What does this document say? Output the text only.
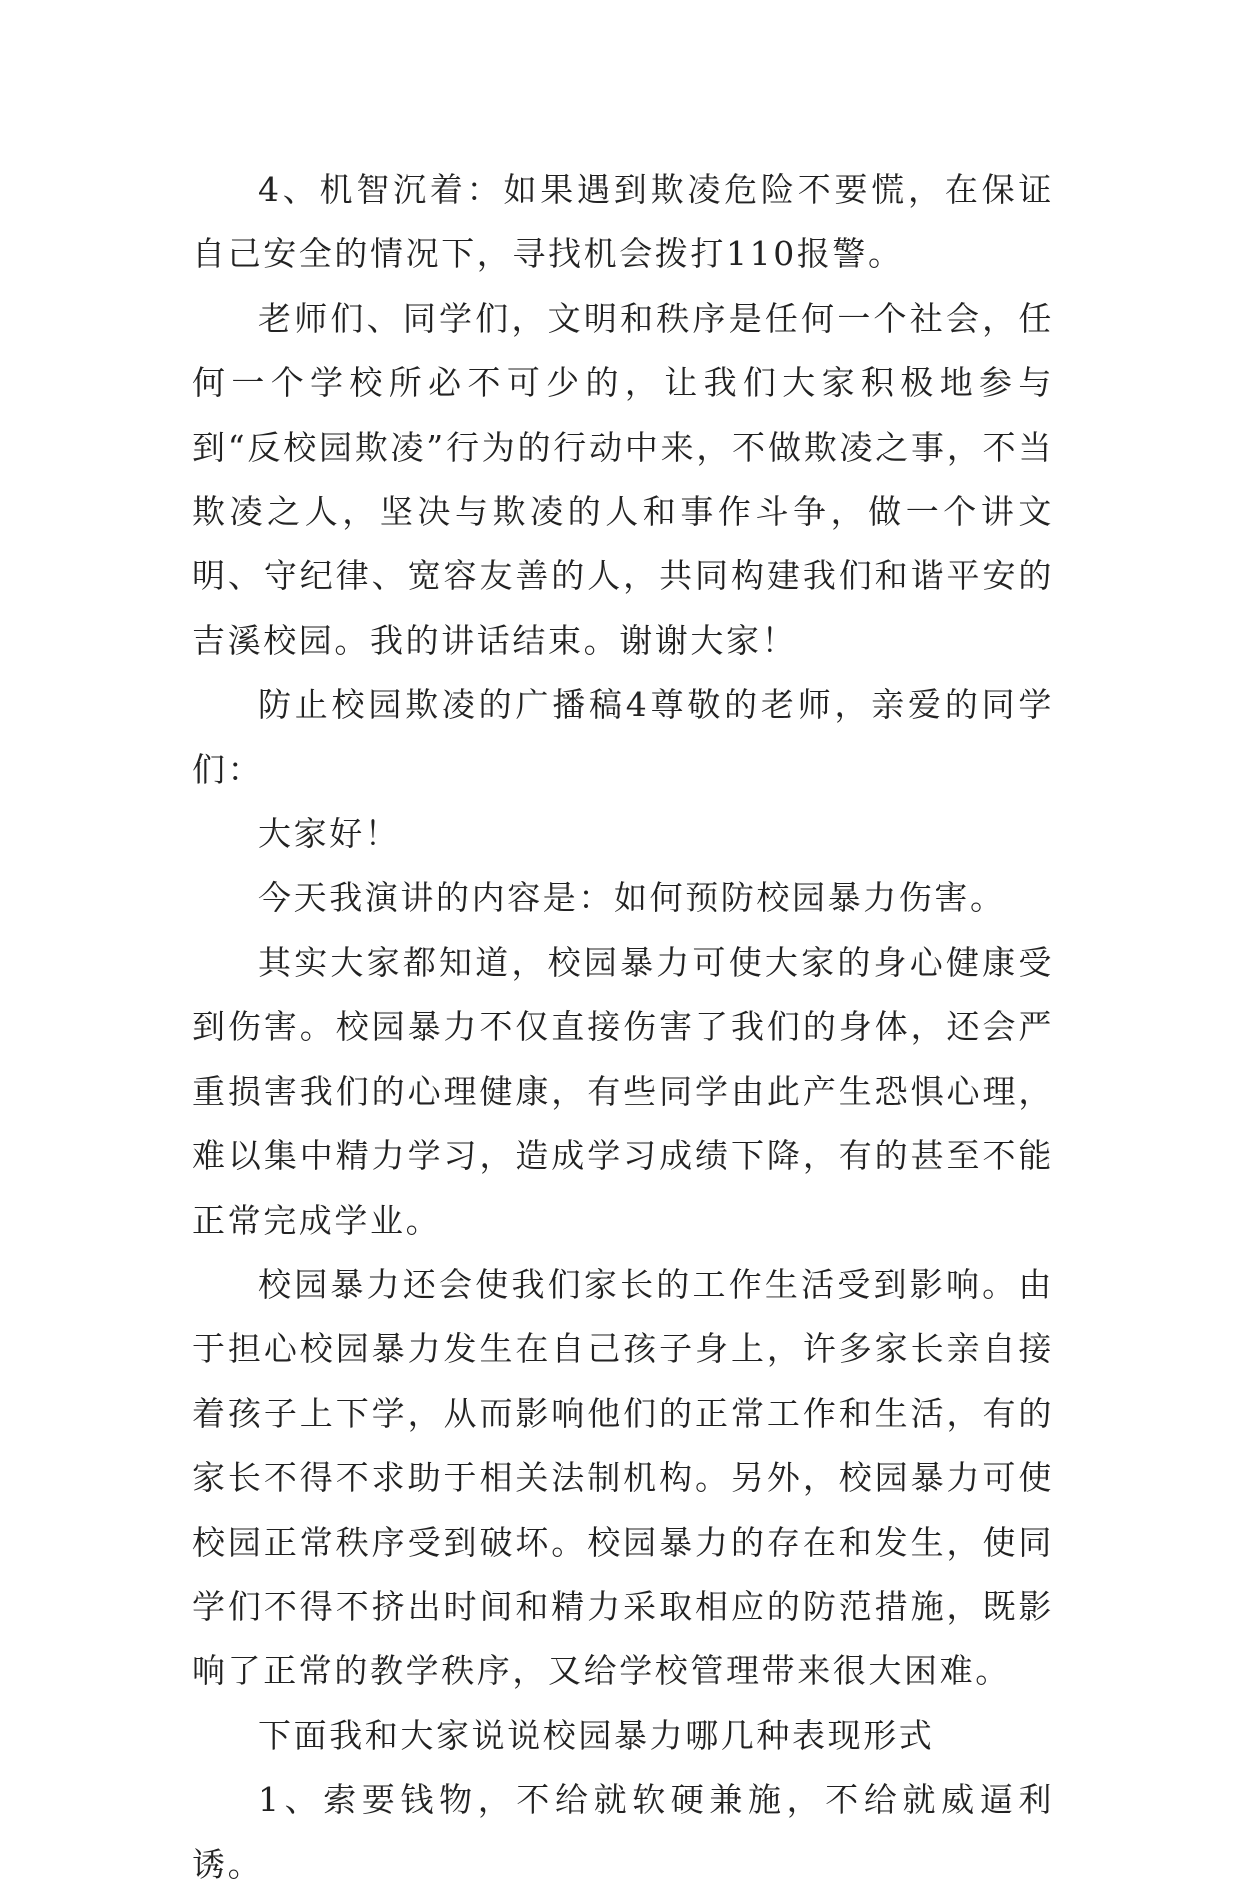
4、机智沉着：如果遇到欺凌危险不要慌，在保证自己安全的情况下，寻找机会拨打110报警。

老师们、同学们，文明和秩序是任何一个社会，任何一个学校所必不可少的，让我们大家积极地参与到“反校园欺凌”行为的行动中来，不做欺凌之事，不当欺凌之人，坚决与欺凌的人和事作斗争，做一个讲文明、守纪律、宽容友善的人，共同构建我们和谐平安的吉溪校园。我的讲话结束。谢谢大家！

防止校园欺凌的广播稿4尊敬的老师，亲爱的同学们：

大家好！

今天我演讲的内容是：如何预防校园暴力伤害。

其实大家都知道，校园暴力可使大家的身心健康受到伤害。校园暴力不仅直接伤害了我们的身体，还会严重损害我们的心理健康，有些同学由此产生恐惧心理，难以集中精力学习，造成学习成绩下降，有的甚至不能正常完成学业。

校园暴力还会使我们家长的工作生活受到影响。由于担心校园暴力发生在自己孩子身上，许多家长亲自接着孩子上下学，从而影响他们的正常工作和生活，有的家长不得不求助于相关法制机构。另外，校园暴力可使校园正常秩序受到破坏。校园暴力的存在和发生，使同学们不得不挤出时间和精力采取相应的防范措施，既影响了正常的教学秩序，又给学校管理带来很大困难。

下面我和大家说说校园暴力哪几种表现形式

1、索要钱物，不给就软硬兼施，不给就威逼利诱。
